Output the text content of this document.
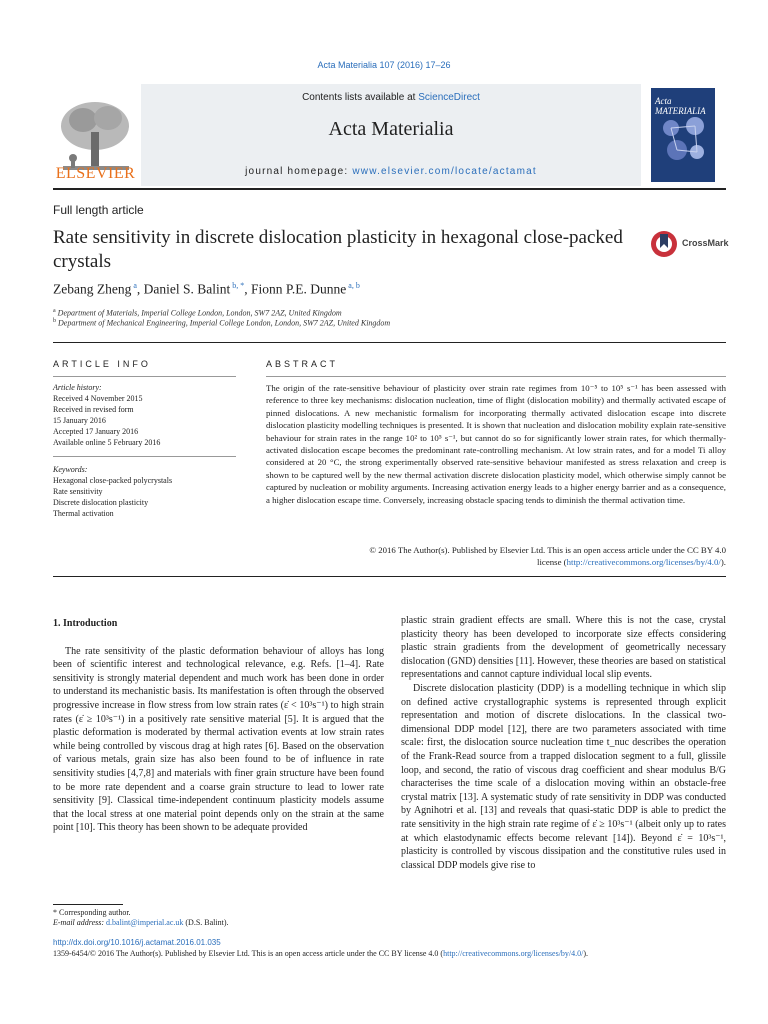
Acta Materialia 107 (2016) 17–26
ELSEVIER
Contents lists available at ScienceDirect
Acta Materialia
journal homepage: www.elsevier.com/locate/actamat
Acta MATERIALIA
Full length article
Rate sensitivity in discrete dislocation plasticity in hexagonal close-packed crystals
CrossMark
Zebang Zheng $^a$, Daniel S. Balint $^{b, *}$, Fionn P.E. Dunne $^{a, b}$
$^a$ Department of Materials, Imperial College London, London, SW7 2AZ, United Kingdom
$^b$ Department of Mechanical Engineering, Imperial College London, London, SW7 2AZ, United Kingdom
ARTICLE INFO	ABSTRACT
Article history:
Received 4 November 2015
Received in revised form
15 January 2016
Accepted 17 January 2016
Available online 5 February 2016
Keywords:
Hexagonal close-packed polycrystals
Rate sensitivity
Discrete dislocation plasticity
Thermal activation
The origin of the rate-sensitive behaviour of plasticity over strain rate regimes from 10⁻⁵ to 10⁵ s⁻¹ has been assessed with reference to three key mechanisms: dislocation nucleation, time of flight (dislocation mobility) and thermally activated escape of pinned dislocations. A new mechanistic formalism for incorporating thermally activated dislocation escape into discrete dislocation plasticity modelling techniques is presented. It is shown that nucleation and dislocation mobility explain rate-sensitive behaviour for strain rates in the range 10² to 10⁵ s⁻¹, but cannot do so for significantly lower strain rates, for which thermally-activated dislocation escape becomes the predominant rate-controlling mechanism. At low strain rates, and for a model Ti alloy considered at 20 °C, the strong experimentally observed rate-sensitive behaviour manifested as stress relaxation and creep is shown to be captured well by the new thermal activation discrete dislocation plasticity model, which otherwise simply cannot be captured by nucleation or mobility arguments. Increasing activation energy leads to a higher energy barrier and as a consequence, a higher dislocation escape time. Conversely, increasing obstacle spacing tends to diminish the thermal activation time.
© 2016 The Author(s). Published by Elsevier Ltd. This is an open access article under the CC BY 4.0
license (http://creativecommons.org/licenses/by/4.0/).
1. Introduction
The rate sensitivity of the plastic deformation behaviour of alloys has long been of scientific interest and technological relevance, e.g. Refs. [1–4]. Rate sensitivity is strongly material dependent and much work has been done in order to understand its mechanistic basis. Its manifestation is often through the observed progressive increase in flow stress from low strain rates (ε̇ < 10³s⁻¹) to high strain rates (ε̇ ≥ 10³s⁻¹) in a positively rate sensitive material [5]. It is argued that the plastic deformation is moderated by thermal activation events at low strain rates while being controlled by viscous drag at high rates [6]. Based on the observation of various metals, grain size has also been found to be of influence in rate sensitivity studies [4,7,8] and materials with finer grain structure have been found to be more rate dependent and a coarse grain structure to lead to lower rate sensitivity [9]. Classical time-independent continuum plasticity models assume that the local stress at one material point depends only on the strain at the same point [10]. This theory has been shown to be adequate provided
plastic strain gradient effects are small. Where this is not the case, crystal plasticity theory has been developed to incorporate size effects considering plastic strain gradients from the development of geometrically necessary dislocation (GND) densities [11]. However, these theories are based on statistical representations and cannot capture individual local slip events.
Discrete dislocation plasticity (DDP) is a modelling technique in which slip on defined active crystallographic systems is represented through explicit representation and motion of discrete dislocations. In the classical two-dimensional DDP model [12], there are two parameters associated with time scale: first, the dislocation source nucleation time t_nuc describes the operation of the Frank-Read source from a trapped dislocation segment to a full, glissile loop, and second, the ratio of viscous drag coefficient and shear modulus B/G characterises the time scale of a dislocation moving within an obstacle-free crystal matrix [13]. A systematic study of rate sensitivity in DDP was conducted by Agnihotri et al. [13] and reveals that quasi-static DDP is able to predict the rate sensitivity in the high strain rate regime of ε̇ ≥ 10³s⁻¹ (albeit only up to rates at which elastodynamic effects become relevant [14]). Beyond ε̇ = 10³s⁻¹, plasticity is controlled by viscous dissipation and the constitutive rules used in classical DDP models give rise to
* Corresponding author.
E-mail address: d.balint@imperial.ac.uk (D.S. Balint).
http://dx.doi.org/10.1016/j.actamat.2016.01.035
1359-6454/© 2016 The Author(s). Published by Elsevier Ltd. This is an open access article under the CC BY license 4.0 (http://creativecommons.org/licenses/by/4.0/).
